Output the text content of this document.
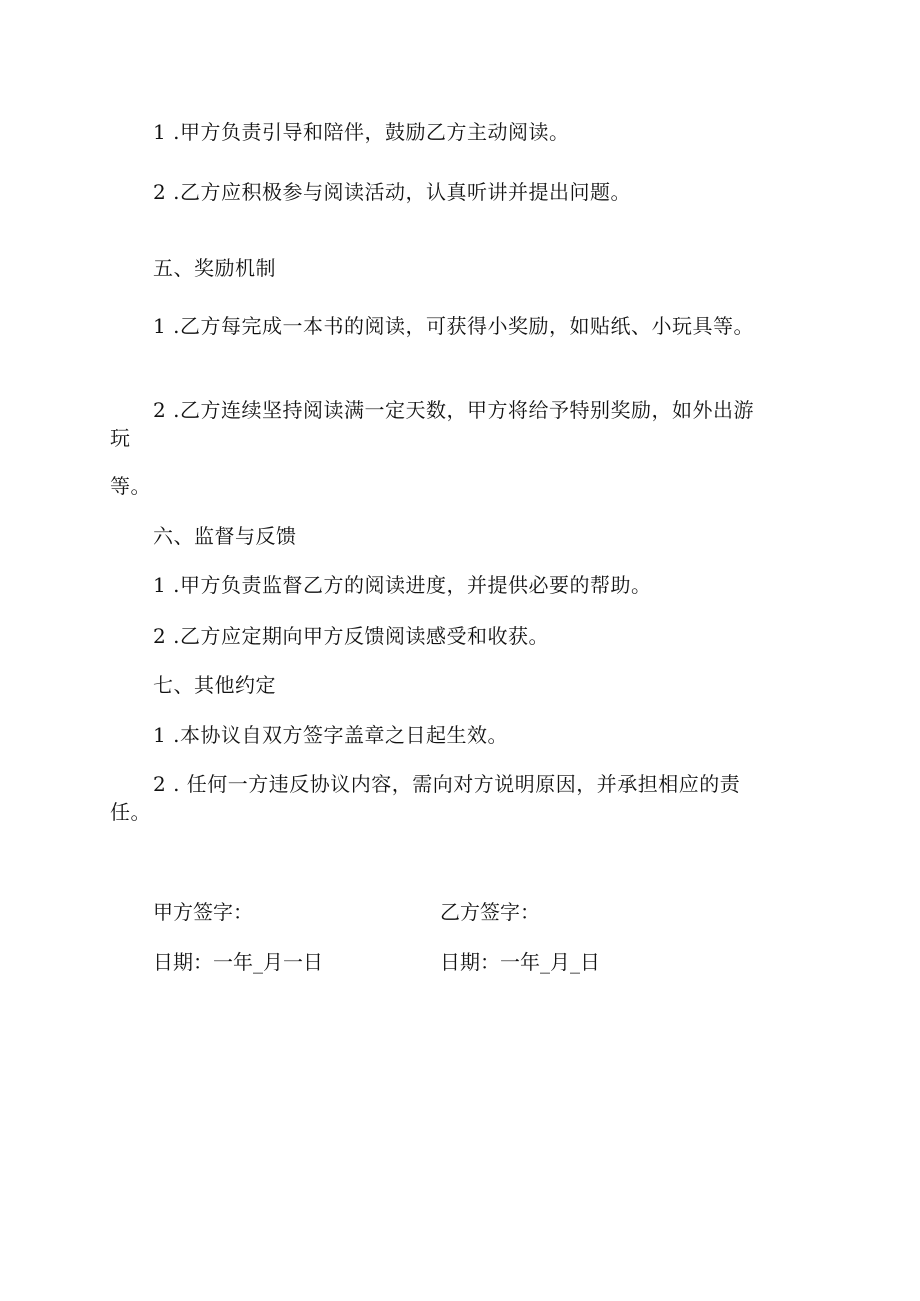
1 .甲方负责引导和陪伴，鼓励乙方主动阅读。
2 .乙方应积极参与阅读活动，认真听讲并提出问题。
五、奖励机制
1 .乙方每完成一本书的阅读，可获得小奖励，如贴纸、小玩具等。
2 .乙方连续坚持阅读满一定天数，甲方将给予特别奖励，如外出游
玩
等。
六、监督与反馈
1 .甲方负责监督乙方的阅读进度，并提供必要的帮助。
2 .乙方应定期向甲方反馈阅读感受和收获。
七、其他约定
1 .本协议自双方签字盖章之日起生效。
2 . 任何一方违反协议内容，需向对方说明原因，并承担相应的责
任。
甲方签字：	乙方签字：
日期：一年_月一日	日期：一年_月_日
